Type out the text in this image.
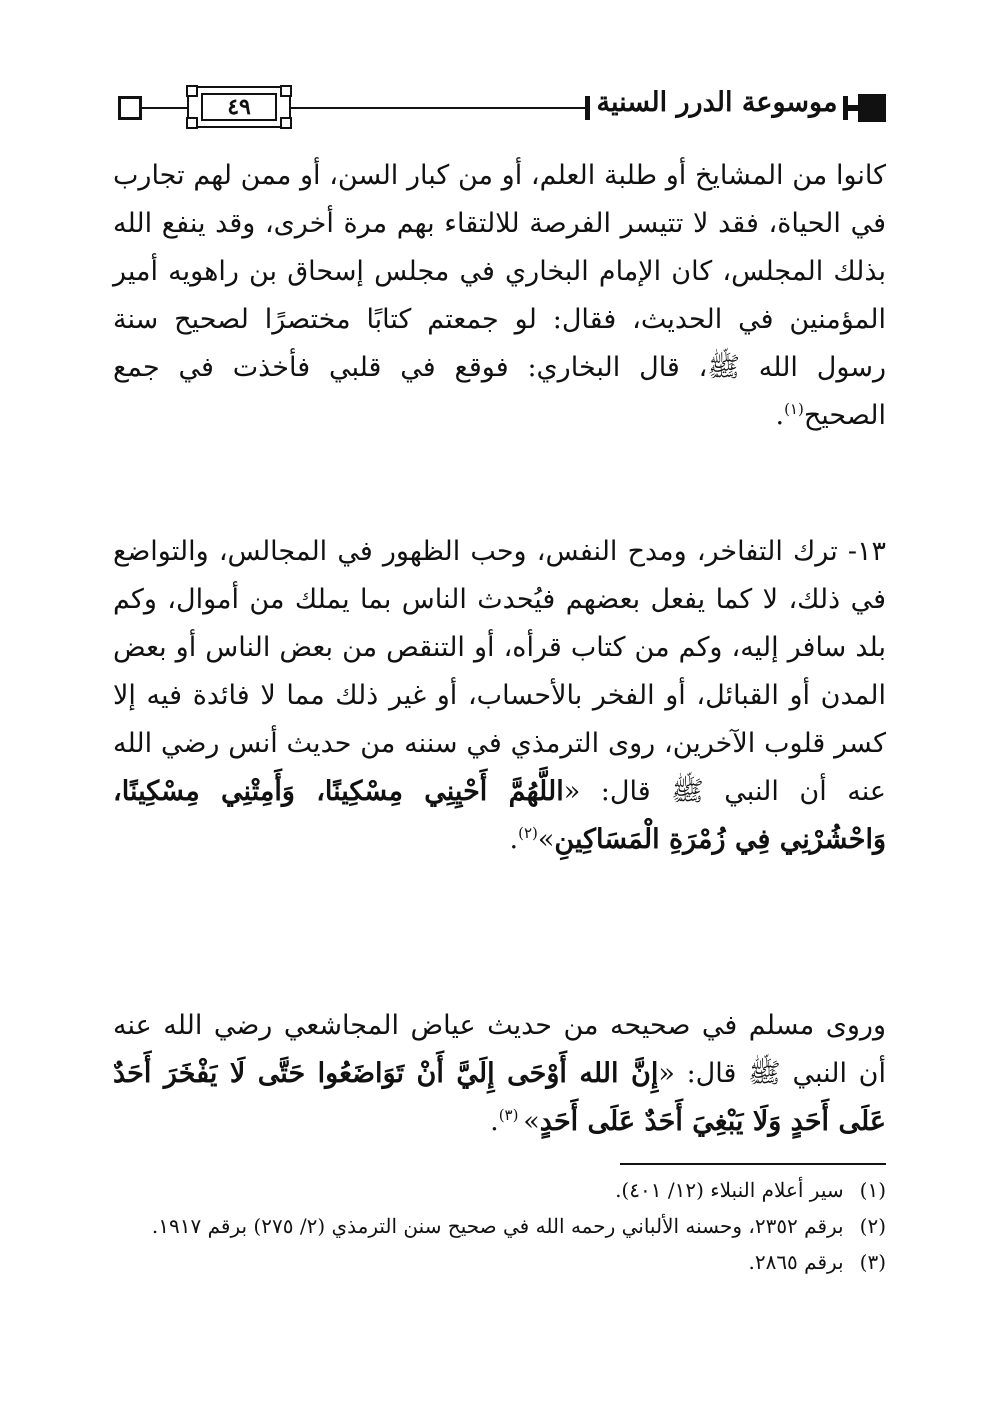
٤٩	موسوعة الدرر السنية

كانوا من المشايخ أو طلبة العلم، أو من كبار السن، أو ممن لهم تجارب في الحياة، فقد لا تتيسر الفرصة للالتقاء بهم مرة أخرى، وقد ينفع الله بذلك المجلس، كان الإمام البخاري في مجلس إسحاق بن راهويه أمير المؤمنين في الحديث، فقال: لو جمعتم كتابًا مختصرًا لصحيح سنة رسول الله ﷺ، قال البخاري: فوقع في قلبي فأخذت في جمع الصحيح$^{(١)}$.

١٣- ترك التفاخر، ومدح النفس، وحب الظهور في المجالس، والتواضع في ذلك، لا كما يفعل بعضهم فيُحدث الناس بما يملك من أموال، وكم بلد سافر إليه، وكم من كتاب قرأه، أو التنقص من بعض الناس أو بعض المدن أو القبائل، أو الفخر بالأحساب، أو غير ذلك مما لا فائدة فيه إلا كسر قلوب الآخرين، روى الترمذي في سننه من حديث أنس رضي الله عنه أن النبي ﷺ قال: «اللَّهُمَّ أَحْيِنِي مِسْكِينًا، وَأَمِتْنِي مِسْكِينًا، وَاحْشُرْنِي فِي زُمْرَةِ الْمَسَاكِينِ»$^{(٢)}$.

وروى مسلم في صحيحه من حديث عياض المجاشعي رضي الله عنه أن النبي ﷺ قال: «إِنَّ الله أَوْحَى إِلَيَّ أَنْ تَوَاضَعُوا حَتَّى لَا يَفْخَرَ أَحَدٌ عَلَى أَحَدٍ وَلَا يَبْغِيَ أَحَدٌ عَلَى أَحَدٍ» $^{(٣)}$.

(١) سير أعلام النبلاء (١٢/ ٤٠١).

(٢) برقم ٢٣٥٢، وحسنه الألباني رحمه الله في صحيح سنن الترمذي (٢/ ٢٧٥) برقم ١٩١٧.

(٣) برقم ٢٨٦٥.
